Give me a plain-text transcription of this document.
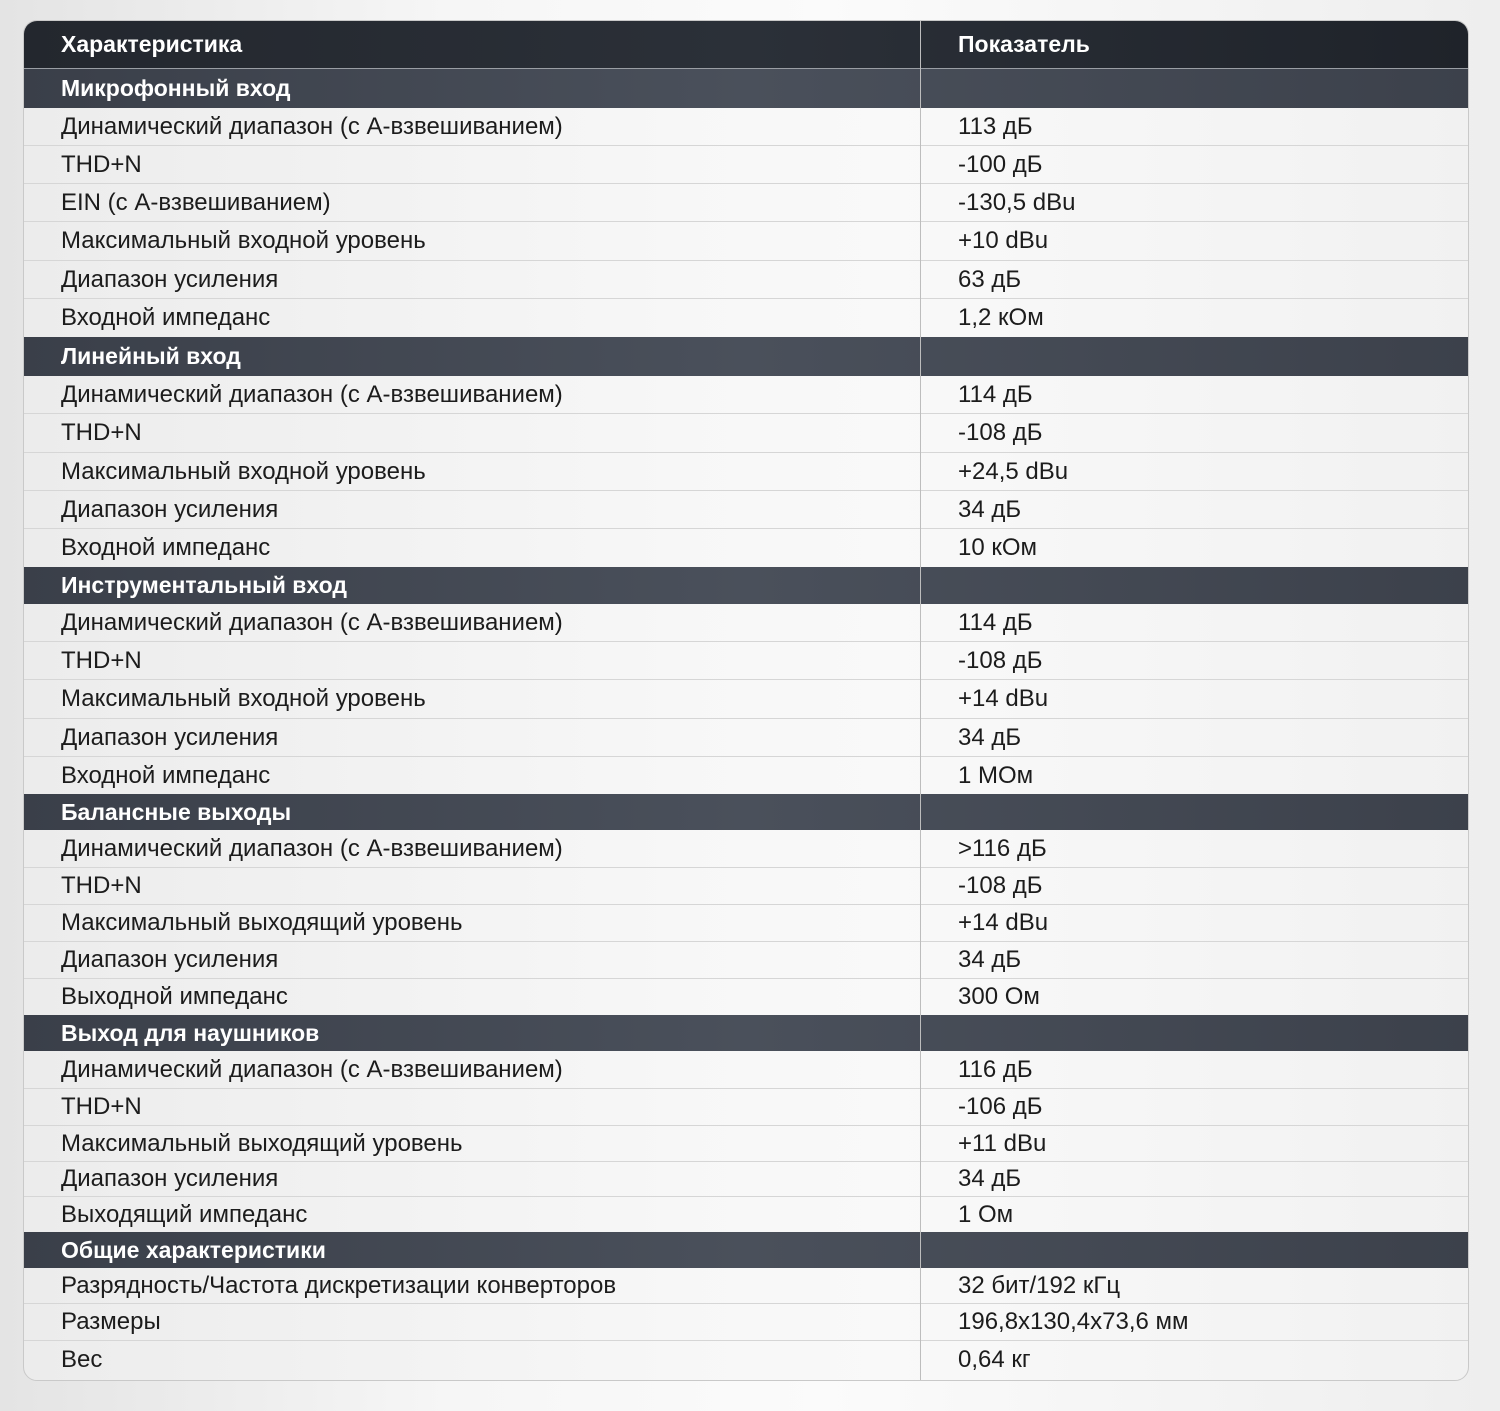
Характеристика	Показатель
Микрофонный вход
Динамический диапазон (с А-взвешиванием)	113 дБ
THD+N	-100 дБ
EIN (с А-взвешиванием)	-130,5 dBu
Максимальный входной уровень	+10 dBu
Диапазон усиления	63 дБ
Входной импеданс	1,2 кОм
Линейный вход
Динамический диапазон (с А-взвешиванием)	114 дБ
THD+N	-108 дБ
Максимальный входной уровень	+24,5 dBu
Диапазон усиления	34 дБ
Входной импеданс	10 кОм
Инструментальный вход
Динамический диапазон (с А-взвешиванием)	114 дБ
THD+N	-108 дБ
Максимальный входной уровень	+14 dBu
Диапазон усиления	34 дБ
Входной импеданс	1 МОм
Балансные выходы
Динамический диапазон (с А-взвешиванием)	>116 дБ
THD+N	-108 дБ
Максимальный выходящий уровень	+14 dBu
Диапазон усиления	34 дБ
Выходной импеданс	300 Ом
Выход для наушников
Динамический диапазон (с А-взвешиванием)	116 дБ
THD+N	-106 дБ
Максимальный выходящий уровень	+11 dBu
Диапазон усиления	34 дБ
Выходящий импеданс	1 Ом
Общие характеристики
Разрядность/Частота дискретизации конверторов	32 бит/192 кГц
Размеры	196,8x130,4x73,6 мм
Вес	0,64 кг
